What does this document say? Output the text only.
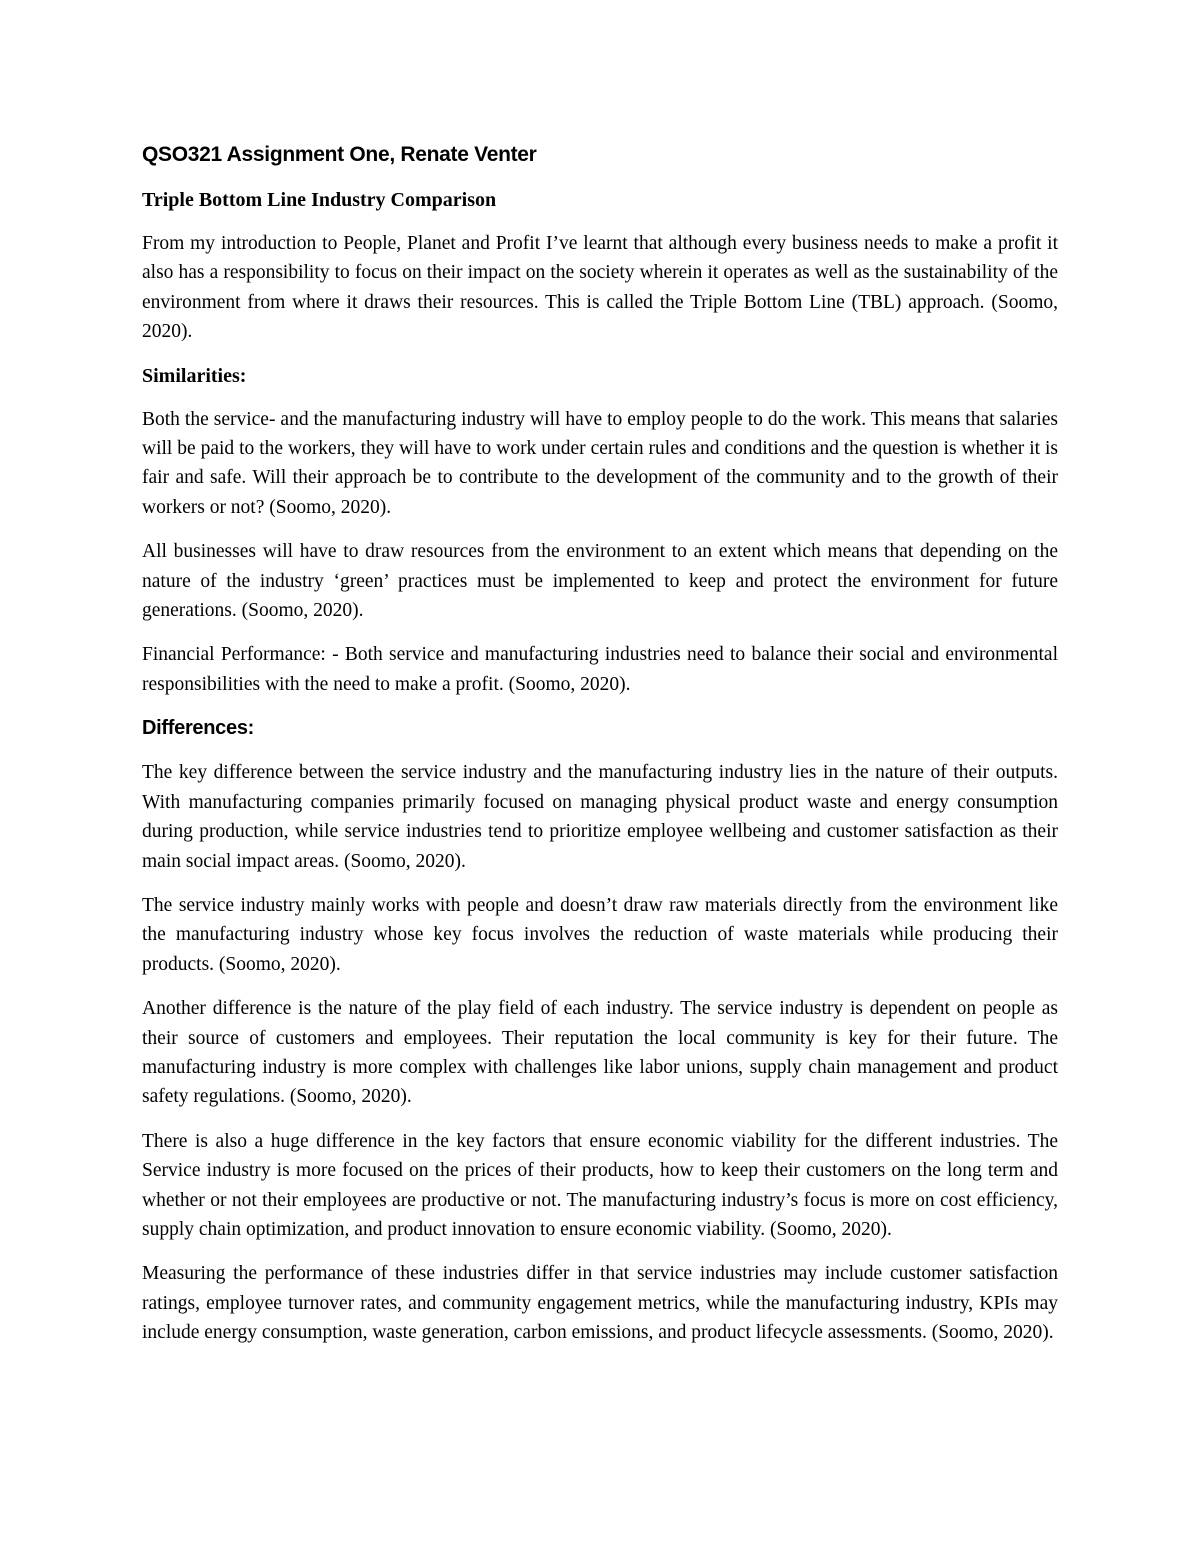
QSO321 Assignment One, Renate Venter
Triple Bottom Line Industry Comparison

From my introduction to People, Planet and Profit I’ve learnt that although every business needs to make a profit it also has a responsibility to focus on their impact on the society wherein it operates as well as the sustainability of the environment from where it draws their resources. This is called the Triple Bottom Line (TBL) approach. (Soomo, 2020).

Similarities:

Both the service- and the manufacturing industry will have to employ people to do the work. This means that salaries will be paid to the workers, they will have to work under certain rules and conditions and the question is whether it is fair and safe. Will their approach be to contribute to the development of the community and to the growth of their workers or not? (Soomo, 2020).

All businesses will have to draw resources from the environment to an extent which means that depending on the nature of the industry ‘green’ practices must be implemented to keep and protect the environment for future generations. (Soomo, 2020).

Financial Performance: - Both service and manufacturing industries need to balance their social and environmental responsibilities with the need to make a profit. (Soomo, 2020).

Differences:

The key difference between the service industry and the manufacturing industry lies in the nature of their outputs. With manufacturing companies primarily focused on managing physical product waste and energy consumption during production, while service industries tend to prioritize employee wellbeing and customer satisfaction as their main social impact areas. (Soomo, 2020).

The service industry mainly works with people and doesn’t draw raw materials directly from the environment like the manufacturing industry whose key focus involves the reduction of waste materials while producing their products. (Soomo, 2020).

Another difference is the nature of the play field of each industry. The service industry is dependent on people as their source of customers and employees. Their reputation the local community is key for their future. The manufacturing industry is more complex with challenges like labor unions, supply chain management and product safety regulations. (Soomo, 2020).

There is also a huge difference in the key factors that ensure economic viability for the different industries. The Service industry is more focused on the prices of their products, how to keep their customers on the long term and whether or not their employees are productive or not. The manufacturing industry’s focus is more on cost efficiency, supply chain optimization, and product innovation to ensure economic viability. (Soomo, 2020).

Measuring the performance of these industries differ in that service industries may include customer satisfaction ratings, employee turnover rates, and community engagement metrics, while the manufacturing industry, KPIs may include energy consumption, waste generation, carbon emissions, and product lifecycle assessments. (Soomo, 2020).
